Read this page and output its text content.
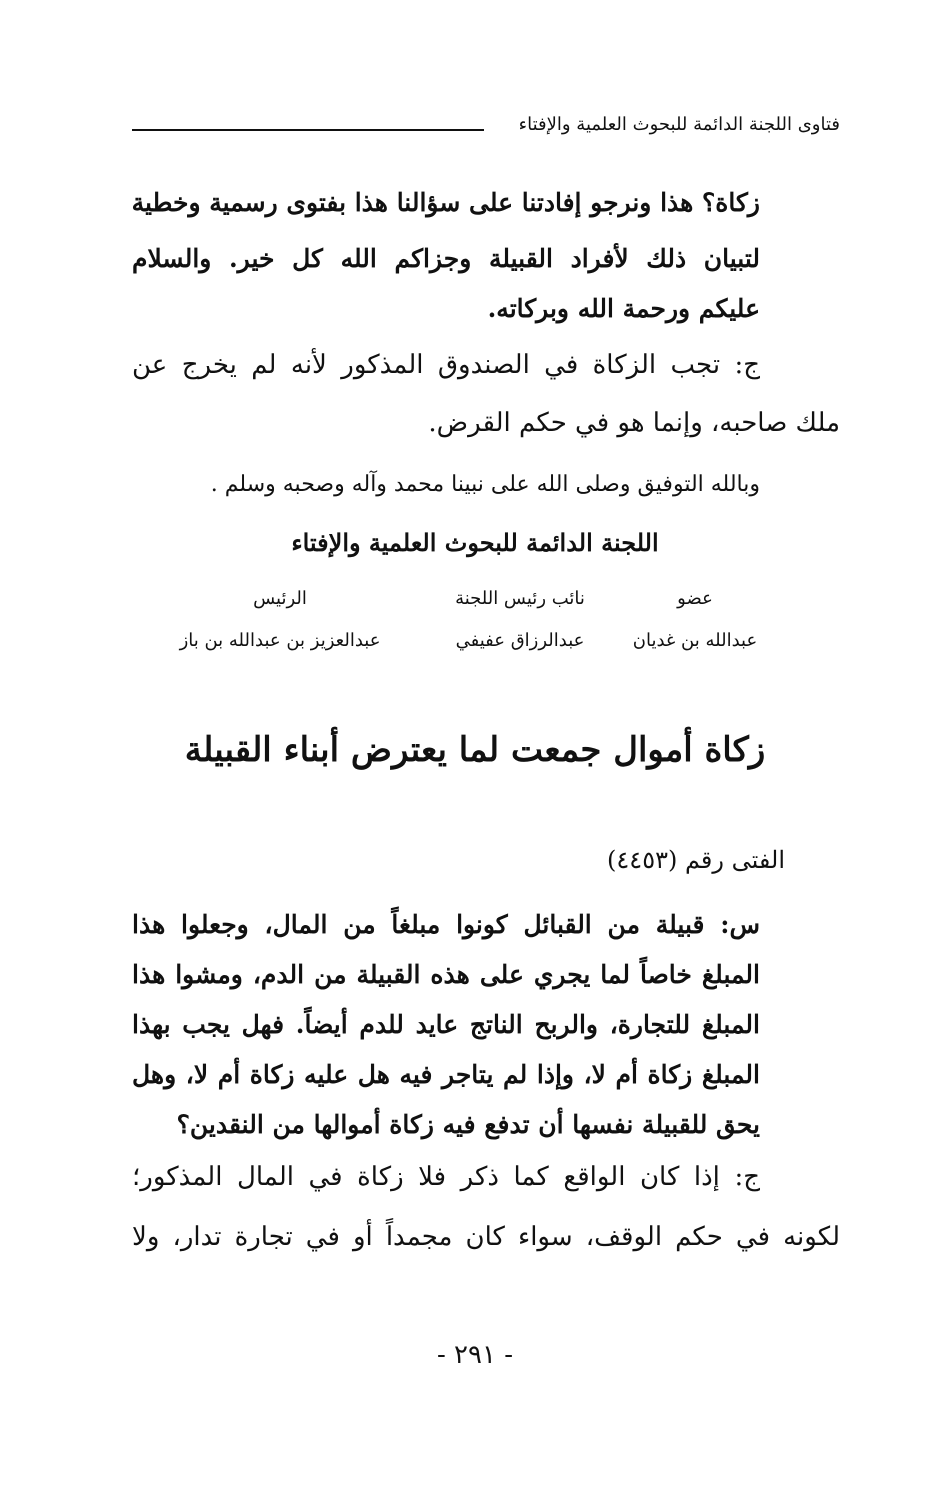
فتاوى اللجنة الدائمة للبحوث العلمية والإفتاء
زكاة؟ هذا ونرجو إفادتنا على سؤالنا هذا بفتوى رسمية وخطية
لتبيان ذلك لأفراد القبيلة وجزاكم الله كل خير. والسلام
عليكم ورحمة الله وبركاته.
ج: تجب الزكاة في الصندوق المذكور لأنه لم يخرج عن
ملك صاحبه، وإنما هو في حكم القرض.
وبالله التوفيق وصلى الله على نبينا محمد وآله وصحبه وسلم .
اللجنة الدائمة للبحوث العلمية والإفتاء
عضو
نائب رئيس اللجنة
الرئيس
عبدالله بن غديان
عبدالرزاق عفيفي
عبدالعزيز بن عبدالله بن باز
زكاة أموال جمعت لما يعترض أبناء القبيلة
الفتى رقم (٤٤٥٣)
س: قبيلة من القبائل كونوا مبلغاً من المال، وجعلوا هذا
المبلغ خاصاً لما يجري على هذه القبيلة من الدم، ومشوا هذا
المبلغ للتجارة، والربح الناتج عايد للدم أيضاً. فهل يجب بهذا
المبلغ زكاة أم لا، وإذا لم يتاجر فيه هل عليه زكاة أم لا، وهل
يحق للقبيلة نفسها أن تدفع فيه زكاة أموالها من النقدين؟
ج: إذا كان الواقع كما ذكر فلا زكاة في المال المذكور؛
لكونه في حكم الوقف، سواء كان مجمداً أو في تجارة تدار، ولا
- ٢٩١ -
